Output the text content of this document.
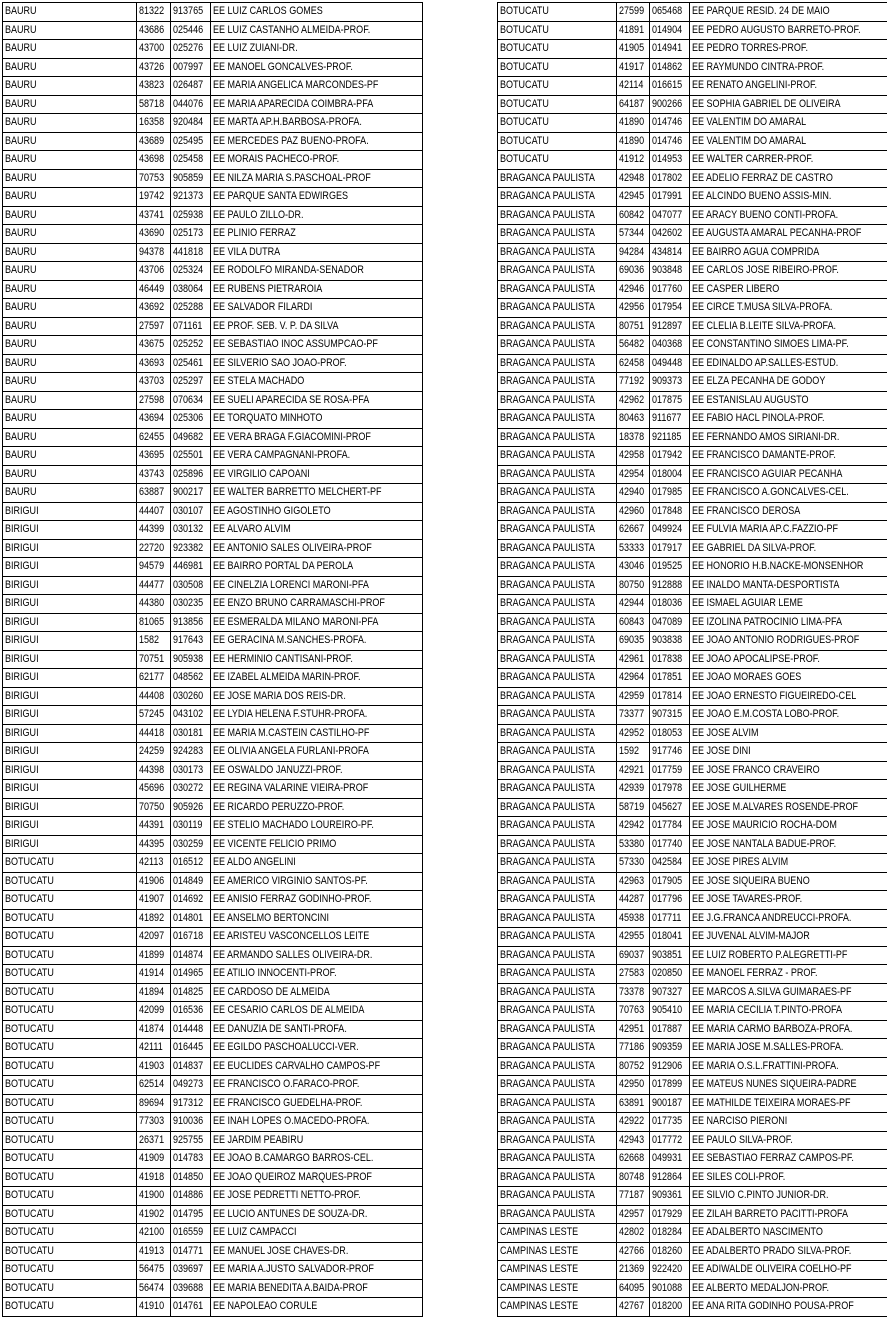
BAURU	81322	913765	EE LUIZ CARLOS GOMES
BAURU	43686	025446	EE LUIZ CASTANHO ALMEIDA-PROF.
BAURU	43700	025276	EE LUIZ ZUIANI-DR.
BAURU	43726	007997	EE MANOEL GONCALVES-PROF.
BAURU	43823	026487	EE MARIA ANGELICA MARCONDES-PF
BAURU	58718	044076	EE MARIA APARECIDA COIMBRA-PFA
BAURU	16358	920484	EE MARTA AP.H.BARBOSA-PROFA.
BAURU	43689	025495	EE MERCEDES PAZ BUENO-PROFA.
BAURU	43698	025458	EE MORAIS PACHECO-PROF.
BAURU	70753	905859	EE NILZA MARIA S.PASCHOAL-PROF
BAURU	19742	921373	EE PARQUE SANTA EDWIRGES
BAURU	43741	025938	EE PAULO ZILLO-DR.
BAURU	43690	025173	EE PLINIO FERRAZ
BAURU	94378	441818	EE VILA DUTRA
BAURU	43706	025324	EE RODOLFO MIRANDA-SENADOR
BAURU	46449	038064	EE RUBENS PIETRAROIA
BAURU	43692	025288	EE SALVADOR FILARDI
BAURU	27597	071161	EE PROF. SEB. V. P. DA SILVA
BAURU	43675	025252	EE SEBASTIAO INOC ASSUMPCAO-PF
BAURU	43693	025461	EE SILVERIO SAO JOAO-PROF.
BAURU	43703	025297	EE STELA MACHADO
BAURU	27598	070634	EE SUELI APARECIDA SE ROSA-PFA
BAURU	43694	025306	EE TORQUATO MINHOTO
BAURU	62455	049682	EE VERA BRAGA F.GIACOMINI-PROF
BAURU	43695	025501	EE VERA CAMPAGNANI-PROFA.
BAURU	43743	025896	EE VIRGILIO CAPOANI
BAURU	63887	900217	EE WALTER BARRETTO MELCHERT-PF
BIRIGUI	44407	030107	EE AGOSTINHO GIGOLETO
BIRIGUI	44399	030132	EE ALVARO ALVIM
BIRIGUI	22720	923382	EE ANTONIO SALES OLIVEIRA-PROF
BIRIGUI	94579	446981	EE BAIRRO PORTAL DA PEROLA
BIRIGUI	44477	030508	EE CINELZIA LORENCI MARONI-PFA
BIRIGUI	44380	030235	EE ENZO BRUNO CARRAMASCHI-PROF
BIRIGUI	81065	913856	EE ESMERALDA MILANO MARONI-PFA
BIRIGUI	1582	917643	EE GERACINA M.SANCHES-PROFA.
BIRIGUI	70751	905938	EE HERMINIO CANTISANI-PROF.
BIRIGUI	62177	048562	EE IZABEL ALMEIDA MARIN-PROF.
BIRIGUI	44408	030260	EE JOSE MARIA DOS REIS-DR.
BIRIGUI	57245	043102	EE LYDIA HELENA F.STUHR-PROFA.
BIRIGUI	44418	030181	EE MARIA M.CASTEIN CASTILHO-PF
BIRIGUI	24259	924283	EE OLIVIA ANGELA FURLANI-PROFA
BIRIGUI	44398	030173	EE OSWALDO JANUZZI-PROF.
BIRIGUI	45696	030272	EE REGINA VALARINE VIEIRA-PROF
BIRIGUI	70750	905926	EE RICARDO PERUZZO-PROF.
BIRIGUI	44391	030119	EE STELIO MACHADO LOUREIRO-PF.
BIRIGUI	44395	030259	EE VICENTE FELICIO PRIMO
BOTUCATU	42113	016512	EE ALDO ANGELINI
BOTUCATU	41906	014849	EE AMERICO VIRGINIO SANTOS-PF.
BOTUCATU	41907	014692	EE ANISIO FERRAZ GODINHO-PROF.
BOTUCATU	41892	014801	EE ANSELMO BERTONCINI
BOTUCATU	42097	016718	EE ARISTEU VASCONCELLOS LEITE
BOTUCATU	41899	014874	EE ARMANDO SALLES OLIVEIRA-DR.
BOTUCATU	41914	014965	EE ATILIO INNOCENTI-PROF.
BOTUCATU	41894	014825	EE CARDOSO DE ALMEIDA
BOTUCATU	42099	016536	EE CESARIO CARLOS DE ALMEIDA
BOTUCATU	41874	014448	EE DANUZIA DE SANTI-PROFA.
BOTUCATU	42111	016445	EE EGILDO PASCHOALUCCI-VER.
BOTUCATU	41903	014837	EE EUCLIDES CARVALHO CAMPOS-PF
BOTUCATU	62514	049273	EE FRANCISCO O.FARACO-PROF.
BOTUCATU	89694	917312	EE FRANCISCO GUEDELHA-PROF.
BOTUCATU	77303	910036	EE INAH LOPES O.MACEDO-PROFA.
BOTUCATU	26371	925755	EE JARDIM PEABIRU
BOTUCATU	41909	014783	EE JOAO B.CAMARGO BARROS-CEL.
BOTUCATU	41918	014850	EE JOAO QUEIROZ MARQUES-PROF
BOTUCATU	41900	014886	EE JOSE PEDRETTI NETTO-PROF.
BOTUCATU	41902	014795	EE LUCIO ANTUNES DE SOUZA-DR.
BOTUCATU	42100	016559	EE LUIZ CAMPACCI
BOTUCATU	41913	014771	EE MANUEL JOSE CHAVES-DR.
BOTUCATU	56475	039697	EE MARIA A.JUSTO SALVADOR-PROF
BOTUCATU	56474	039688	EE MARIA BENEDITA A.BAIDA-PROF
BOTUCATU	41910	014761	EE NAPOLEAO CORULE
BOTUCATU	27599	065468	EE PARQUE RESID. 24 DE MAIO
BOTUCATU	41891	014904	EE PEDRO AUGUSTO BARRETO-PROF.
BOTUCATU	41905	014941	EE PEDRO TORRES-PROF.
BOTUCATU	41917	014862	EE RAYMUNDO CINTRA-PROF.
BOTUCATU	42114	016615	EE RENATO ANGELINI-PROF.
BOTUCATU	64187	900266	EE SOPHIA GABRIEL DE OLIVEIRA
BOTUCATU	41890	014746	EE VALENTIM DO AMARAL
BOTUCATU	41890	014746	EE VALENTIM DO AMARAL
BOTUCATU	41912	014953	EE WALTER CARRER-PROF.
BRAGANCA PAULISTA	42948	017802	EE ADELIO FERRAZ DE CASTRO
BRAGANCA PAULISTA	42945	017991	EE ALCINDO BUENO ASSIS-MIN.
BRAGANCA PAULISTA	60842	047077	EE ARACY BUENO CONTI-PROFA.
BRAGANCA PAULISTA	57344	042602	EE AUGUSTA AMARAL PECANHA-PROF
BRAGANCA PAULISTA	94284	434814	EE BAIRRO AGUA COMPRIDA
BRAGANCA PAULISTA	69036	903848	EE CARLOS JOSE RIBEIRO-PROF.
BRAGANCA PAULISTA	42946	017760	EE CASPER LIBERO
BRAGANCA PAULISTA	42956	017954	EE CIRCE T.MUSA SILVA-PROFA.
BRAGANCA PAULISTA	80751	912897	EE CLELIA B.LEITE SILVA-PROFA.
BRAGANCA PAULISTA	56482	040368	EE CONSTANTINO SIMOES LIMA-PF.
BRAGANCA PAULISTA	62458	049448	EE EDINALDO AP.SALLES-ESTUD.
BRAGANCA PAULISTA	77192	909373	EE ELZA PECANHA DE GODOY
BRAGANCA PAULISTA	42962	017875	EE ESTANISLAU AUGUSTO
BRAGANCA PAULISTA	80463	911677	EE FABIO HACL PINOLA-PROF.
BRAGANCA PAULISTA	18378	921185	EE FERNANDO AMOS SIRIANI-DR.
BRAGANCA PAULISTA	42958	017942	EE FRANCISCO DAMANTE-PROF.
BRAGANCA PAULISTA	42954	018004	EE FRANCISCO AGUIAR PECANHA
BRAGANCA PAULISTA	42940	017985	EE FRANCISCO A.GONCALVES-CEL.
BRAGANCA PAULISTA	42960	017848	EE FRANCISCO DEROSA
BRAGANCA PAULISTA	62667	049924	EE FULVIA MARIA AP.C.FAZZIO-PF
BRAGANCA PAULISTA	53333	017917	EE GABRIEL DA SILVA-PROF.
BRAGANCA PAULISTA	43046	019525	EE HONORIO H.B.NACKE-MONSENHOR
BRAGANCA PAULISTA	80750	912888	EE INALDO MANTA-DESPORTISTA
BRAGANCA PAULISTA	42944	018036	EE ISMAEL AGUIAR LEME
BRAGANCA PAULISTA	60843	047089	EE IZOLINA PATROCINIO LIMA-PFA
BRAGANCA PAULISTA	69035	903838	EE JOAO ANTONIO RODRIGUES-PROF
BRAGANCA PAULISTA	42961	017838	EE JOAO APOCALIPSE-PROF.
BRAGANCA PAULISTA	42964	017851	EE JOAO MORAES GOES
BRAGANCA PAULISTA	42959	017814	EE JOAO ERNESTO FIGUEIREDO-CEL
BRAGANCA PAULISTA	73377	907315	EE JOAO E.M.COSTA LOBO-PROF.
BRAGANCA PAULISTA	42952	018053	EE JOSE ALVIM
BRAGANCA PAULISTA	1592	917746	EE JOSE DINI
BRAGANCA PAULISTA	42921	017759	EE JOSE FRANCO CRAVEIRO
BRAGANCA PAULISTA	42939	017978	EE JOSE GUILHERME
BRAGANCA PAULISTA	58719	045627	EE JOSE M.ALVARES ROSENDE-PROF
BRAGANCA PAULISTA	42942	017784	EE JOSE MAURICIO ROCHA-DOM
BRAGANCA PAULISTA	53380	017740	EE JOSE NANTALA BADUE-PROF.
BRAGANCA PAULISTA	57330	042584	EE JOSE PIRES ALVIM
BRAGANCA PAULISTA	42963	017905	EE JOSE SIQUEIRA BUENO
BRAGANCA PAULISTA	44287	017796	EE JOSE TAVARES-PROF.
BRAGANCA PAULISTA	45938	017711	EE J.G.FRANCA ANDREUCCI-PROFA.
BRAGANCA PAULISTA	42955	018041	EE JUVENAL ALVIM-MAJOR
BRAGANCA PAULISTA	69037	903851	EE LUIZ ROBERTO P.ALEGRETTI-PF
BRAGANCA PAULISTA	27583	020850	EE MANOEL FERRAZ - PROF.
BRAGANCA PAULISTA	73378	907327	EE MARCOS A.SILVA GUIMARAES-PF
BRAGANCA PAULISTA	70763	905410	EE MARIA CECILIA T.PINTO-PROFA
BRAGANCA PAULISTA	42951	017887	EE MARIA CARMO BARBOZA-PROFA.
BRAGANCA PAULISTA	77186	909359	EE MARIA JOSE M.SALLES-PROFA.
BRAGANCA PAULISTA	80752	912906	EE MARIA O.S.L.FRATTINI-PROFA.
BRAGANCA PAULISTA	42950	017899	EE MATEUS NUNES SIQUEIRA-PADRE
BRAGANCA PAULISTA	63891	900187	EE MATHILDE TEIXEIRA MORAES-PF
BRAGANCA PAULISTA	42922	017735	EE NARCISO PIERONI
BRAGANCA PAULISTA	42943	017772	EE PAULO SILVA-PROF.
BRAGANCA PAULISTA	62668	049931	EE SEBASTIAO FERRAZ CAMPOS-PF.
BRAGANCA PAULISTA	80748	912864	EE SILES COLI-PROF.
BRAGANCA PAULISTA	77187	909361	EE SILVIO C.PINTO JUNIOR-DR.
BRAGANCA PAULISTA	42957	017929	EE ZILAH BARRETO PACITTI-PROFA
CAMPINAS LESTE	42802	018284	EE ADALBERTO NASCIMENTO
CAMPINAS LESTE	42766	018260	EE ADALBERTO PRADO SILVA-PROF.
CAMPINAS LESTE	21369	922420	EE ADIWALDE OLIVEIRA COELHO-PF
CAMPINAS LESTE	64095	901088	EE ALBERTO MEDALJON-PROF.
CAMPINAS LESTE	42767	018200	EE ANA RITA GODINHO POUSA-PROF
